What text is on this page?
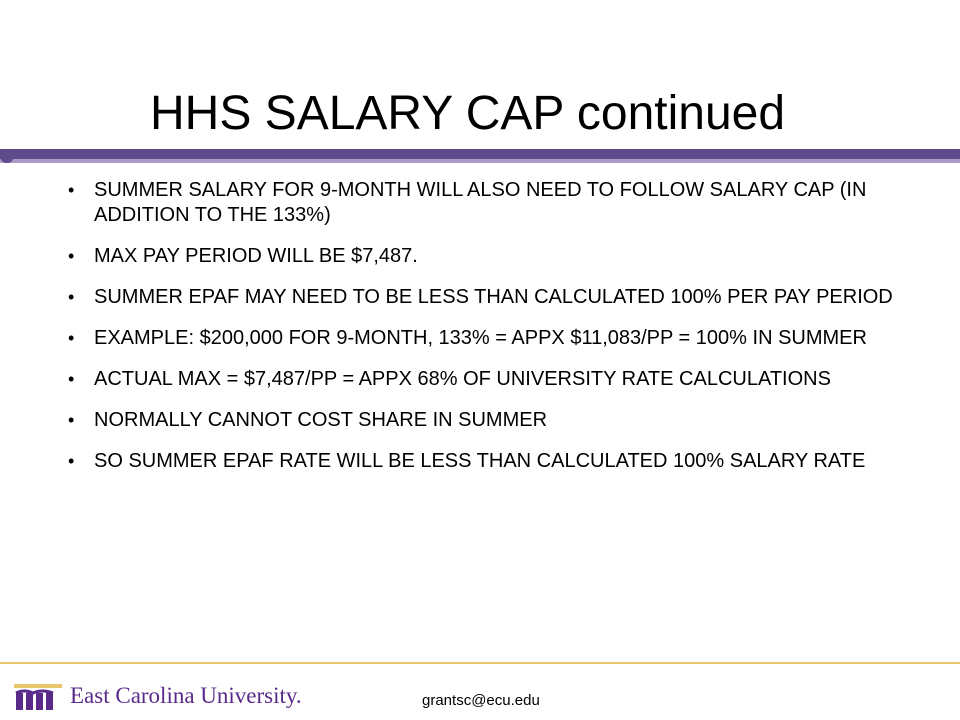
HHS SALARY CAP continued
• SUMMER SALARY FOR 9-MONTH WILL ALSO NEED TO FOLLOW SALARY CAP (IN ADDITION TO THE 133%)
• MAX PAY PERIOD WILL BE $7,487.
• SUMMER EPAF MAY NEED TO BE LESS THAN CALCULATED 100% PER PAY PERIOD
• EXAMPLE: $200,000 FOR 9-MONTH, 133% = APPX $11,083/PP = 100% IN SUMMER
• ACTUAL MAX = $7,487/PP = APPX 68% OF UNIVERSITY RATE CALCULATIONS
• NORMALLY CANNOT COST SHARE IN SUMMER
• SO SUMMER EPAF RATE WILL BE LESS THAN CALCULATED 100% SALARY RATE
East Carolina University.	grantsc@ecu.edu
